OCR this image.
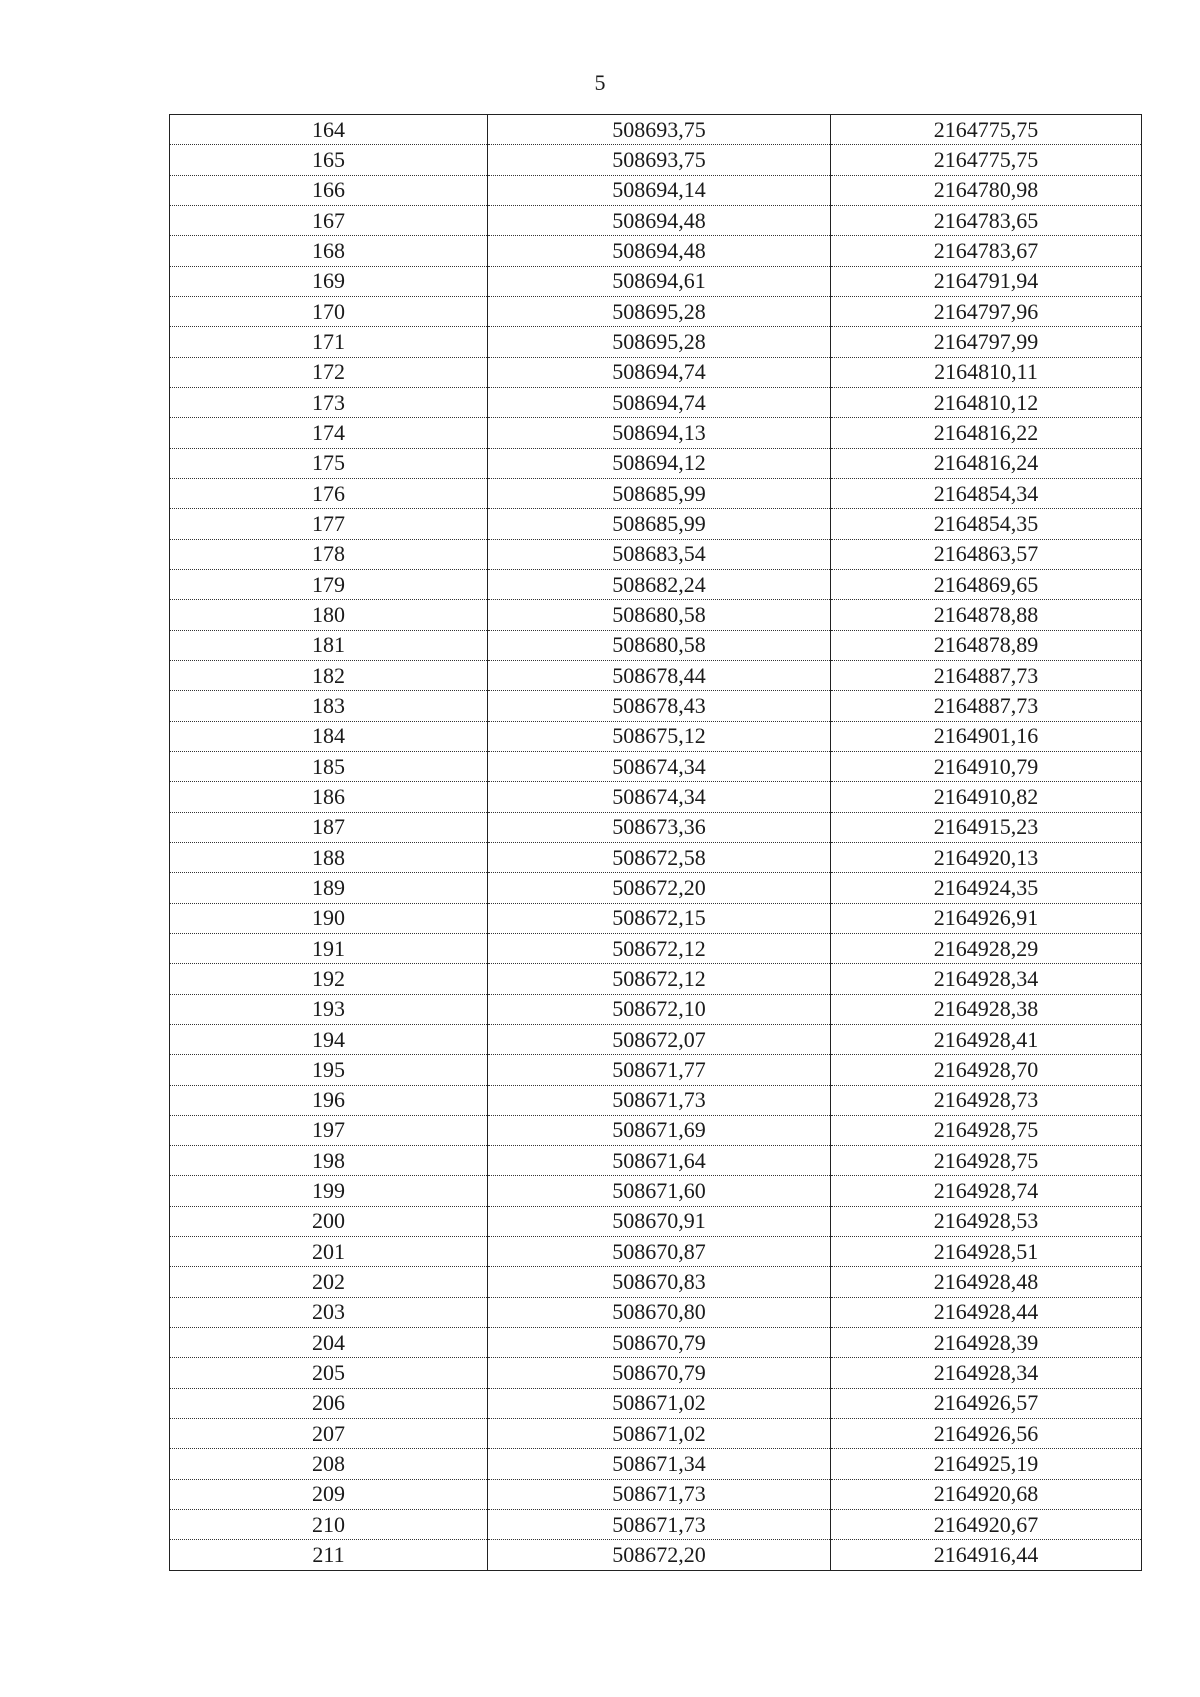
5
164	508693,75	2164775,75
165	508693,75	2164775,75
166	508694,14	2164780,98
167	508694,48	2164783,65
168	508694,48	2164783,67
169	508694,61	2164791,94
170	508695,28	2164797,96
171	508695,28	2164797,99
172	508694,74	2164810,11
173	508694,74	2164810,12
174	508694,13	2164816,22
175	508694,12	2164816,24
176	508685,99	2164854,34
177	508685,99	2164854,35
178	508683,54	2164863,57
179	508682,24	2164869,65
180	508680,58	2164878,88
181	508680,58	2164878,89
182	508678,44	2164887,73
183	508678,43	2164887,73
184	508675,12	2164901,16
185	508674,34	2164910,79
186	508674,34	2164910,82
187	508673,36	2164915,23
188	508672,58	2164920,13
189	508672,20	2164924,35
190	508672,15	2164926,91
191	508672,12	2164928,29
192	508672,12	2164928,34
193	508672,10	2164928,38
194	508672,07	2164928,41
195	508671,77	2164928,70
196	508671,73	2164928,73
197	508671,69	2164928,75
198	508671,64	2164928,75
199	508671,60	2164928,74
200	508670,91	2164928,53
201	508670,87	2164928,51
202	508670,83	2164928,48
203	508670,80	2164928,44
204	508670,79	2164928,39
205	508670,79	2164928,34
206	508671,02	2164926,57
207	508671,02	2164926,56
208	508671,34	2164925,19
209	508671,73	2164920,68
210	508671,73	2164920,67
211	508672,20	2164916,44
